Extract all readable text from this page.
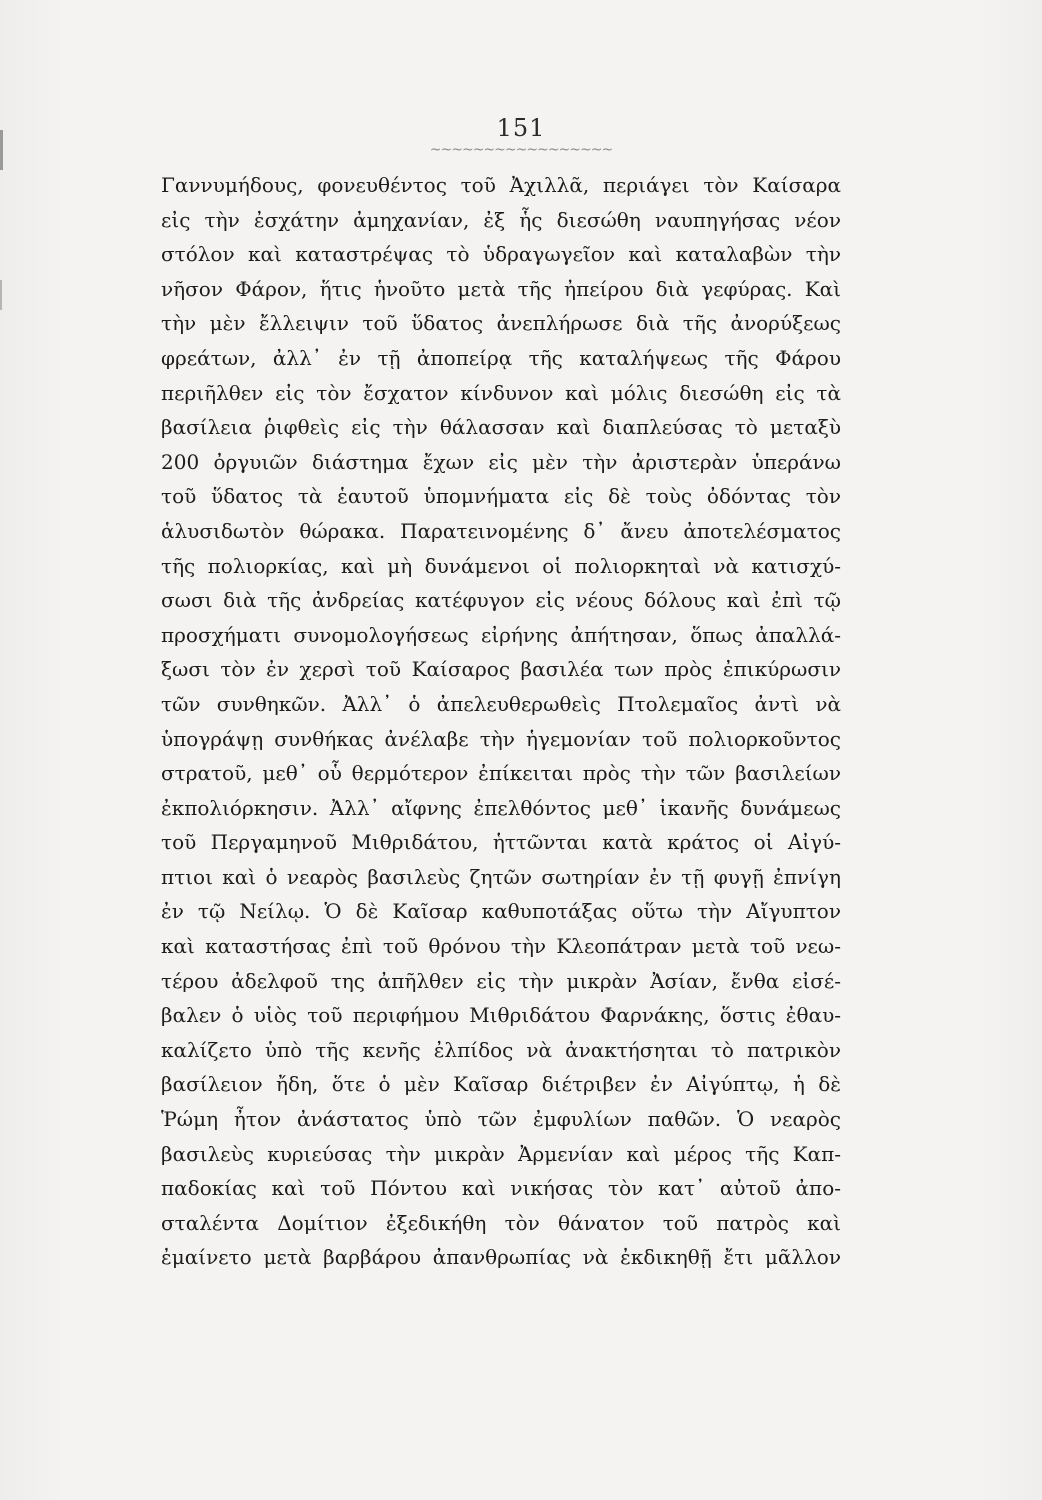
151
~~~~~~~~~~~~~~~~~
Γαννυμήδους, φονευθέντος τοῦ Ἀχιλλᾶ, περιάγει τὸν Καίσαρα
εἰς τὴν ἐσχάτην ἀμηχανίαν, ἐξ ἧς διεσώθη ναυπηγήσας νέον
στόλον καὶ καταστρέψας τὸ ὑδραγωγεῖον καὶ καταλαβὼν τὴν
νῆσον Φάρον, ἥτις ἡνοῦτο μετὰ τῆς ἠπείρου διὰ γεφύρας. Καὶ
τὴν μὲν ἔλλειψιν τοῦ ὕδατος ἀνεπλήρωσε διὰ τῆς ἀνορύξεως
φρεάτων, ἀλλ᾽ ἐν τῇ ἀποπείρᾳ τῆς καταλήψεως τῆς Φάρου
περιῆλθεν εἰς τὸν ἔσχατον κίνδυνον καὶ μόλις διεσώθη εἰς τὰ
βασίλεια ῥιφθεὶς εἰς τὴν θάλασσαν καὶ διαπλεύσας τὸ μεταξὺ
200 ὀργυιῶν διάστημα ἔχων εἰς μὲν τὴν ἀριστερὰν ὑπεράνω
τοῦ ὕδατος τὰ ἑαυτοῦ ὑπομνήματα εἰς δὲ τοὺς ὀδόντας τὸν
ἁλυσιδωτὸν θώρακα. Παρατεινομένης δ᾽ ἄνευ ἀποτελέσματος
τῆς πολιορκίας, καὶ μὴ δυνάμενοι οἱ πολιορκηταὶ νὰ κατισχύ-
σωσι διὰ τῆς ἀνδρείας κατέφυγον εἰς νέους δόλους καὶ ἐπὶ τῷ
προσχήματι συνομολογήσεως εἰρήνης ἀπήτησαν, ὅπως ἀπαλλά-
ξωσι τὸν ἐν χερσὶ τοῦ Καίσαρος βασιλέα των πρὸς ἐπικύρωσιν
τῶν συνθηκῶν. Ἀλλ᾽ ὁ ἀπελευθερωθεὶς Πτολεμαῖος ἀντὶ νὰ
ὑπογράψῃ συνθήκας ἀνέλαβε τὴν ἡγεμονίαν τοῦ πολιορκοῦντος
στρατοῦ, μεθ᾽ οὗ θερμότερον ἐπίκειται πρὸς τὴν τῶν βασιλείων
ἐκπολιόρκησιν. Ἀλλ᾽ αἴφνης ἐπελθόντος μεθ᾽ ἱκανῆς δυνάμεως
τοῦ Περγαμηνοῦ Μιθριδάτου, ἡττῶνται κατὰ κράτος οἱ Αἰγύ-
πτιοι καὶ ὁ νεαρὸς βασιλεὺς ζητῶν σωτηρίαν ἐν τῇ φυγῇ ἐπνίγη
ἐν τῷ Νείλῳ. Ὁ δὲ Καῖσαρ καθυποτάξας οὕτω τὴν Αἴγυπτον
καὶ καταστήσας ἐπὶ τοῦ θρόνου τὴν Κλεοπάτραν μετὰ τοῦ νεω-
τέρου ἀδελφοῦ της ἀπῆλθεν εἰς τὴν μικρὰν Ἀσίαν, ἔνθα εἰσέ-
βαλεν ὁ υἱὸς τοῦ περιφήμου Μιθριδάτου Φαρνάκης, ὅστις ἐθαυ-
καλίζετο ὑπὸ τῆς κενῆς ἐλπίδος νὰ ἀνακτήσηται τὸ πατρικὸν
βασίλειον ἤδη, ὅτε ὁ μὲν Καῖσαρ διέτριβεν ἐν Αἰγύπτῳ, ἡ δὲ
Ῥώμη ἦτον ἀνάστατος ὑπὸ τῶν ἐμφυλίων παθῶν. Ὁ νεαρὸς
βασιλεὺς κυριεύσας τὴν μικρὰν Ἀρμενίαν καὶ μέρος τῆς Καπ-
παδοκίας καὶ τοῦ Πόντου καὶ νικήσας τὸν κατ᾽ αὐτοῦ ἀπο-
σταλέντα Δομίτιον ἐξεδικήθη τὸν θάνατον τοῦ πατρὸς καὶ
ἐμαίνετο μετὰ βαρβάρου ἀπανθρωπίας νὰ ἐκδικηθῇ ἔτι μᾶλλον
